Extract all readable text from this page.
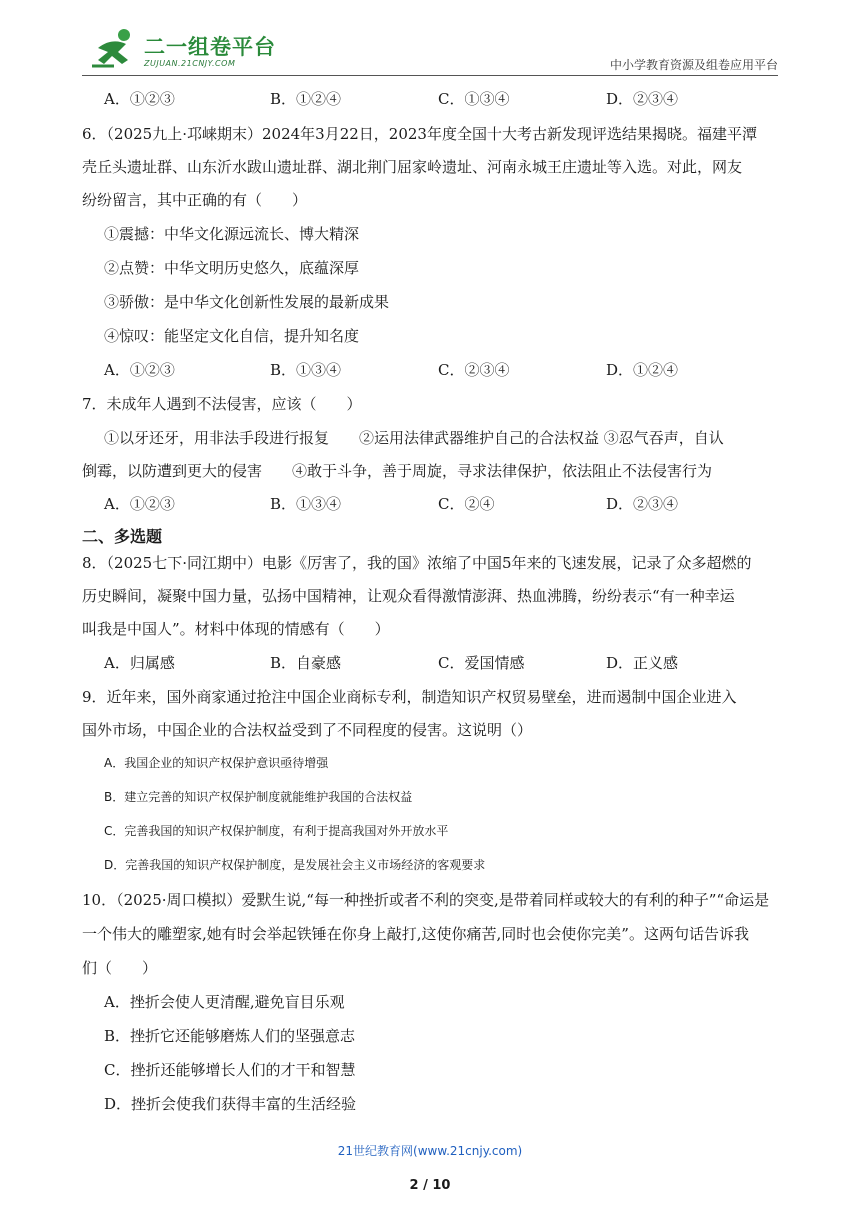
二一组卷平台
ZUJUAN.21CNJY.COM	中小学教育资源及组卷应用平台
A．①②③	B．①②④	C．①③④	D．②③④
6．（2025九上·邛崃期末）2024年3月22日，2023年度全国十大考古新发现评选结果揭晓。福建平潭
壳丘头遗址群、山东沂水跋山遗址群、湖北荆门屈家岭遗址、河南永城王庄遗址等入选。对此，网友
纷纷留言，其中正确的有（　　）
①震撼：中华文化源远流长、博大精深
②点赞：中华文明历史悠久，底蕴深厚
③骄傲：是中华文化创新性发展的最新成果
④惊叹：能坚定文化自信，提升知名度
A．①②③	B．①③④	C．②③④	D．①②④
7．未成年人遇到不法侵害，应该（　　）
①以牙还牙，用非法手段进行报复　　②运用法律武器维护自己的合法权益 ③忍气吞声，自认
倒霉，以防遭到更大的侵害　　④敢于斗争，善于周旋，寻求法律保护，依法阻止不法侵害行为
A．①②③	B．①③④	C．②④	D．②③④
二、多选题
8．（2025七下·同江期中）电影《厉害了，我的国》浓缩了中国5年来的飞速发展，记录了众多超燃的
历史瞬间，凝聚中国力量，弘扬中国精神，让观众看得激情澎湃、热血沸腾，纷纷表示“有一种幸运
叫我是中国人”。材料中体现的情感有（　　）
A．归属感	B．自豪感	C．爱国情感	D．正义感
9．近年来，国外商家通过抢注中国企业商标专利，制造知识产权贸易壁垒，进而遏制中国企业进入
国外市场，中国企业的合法权益受到了不同程度的侵害。这说明（）
A．我国企业的知识产权保护意识亟待增强
B．建立完善的知识产权保护制度就能维护我国的合法权益
C．完善我国的知识产权保护制度，有利于提高我国对外开放水平
D．完善我国的知识产权保护制度，是发展社会主义市场经济的客观要求
10．（2025·周口模拟）爱默生说,“每一种挫折或者不利的突变,是带着同样或较大的有利的种子”“命运是
一个伟大的雕塑家,她有时会举起铁锤在你身上敲打,这使你痛苦,同时也会使你完美”。这两句话告诉我
们（　　）
A．挫折会使人更清醒,避免盲目乐观
B．挫折它还能够磨炼人们的坚强意志
C．挫折还能够增长人们的才干和智慧
D．挫折会使我们获得丰富的生活经验
21世纪教育网(www.21cnjy.com)
2 / 10
